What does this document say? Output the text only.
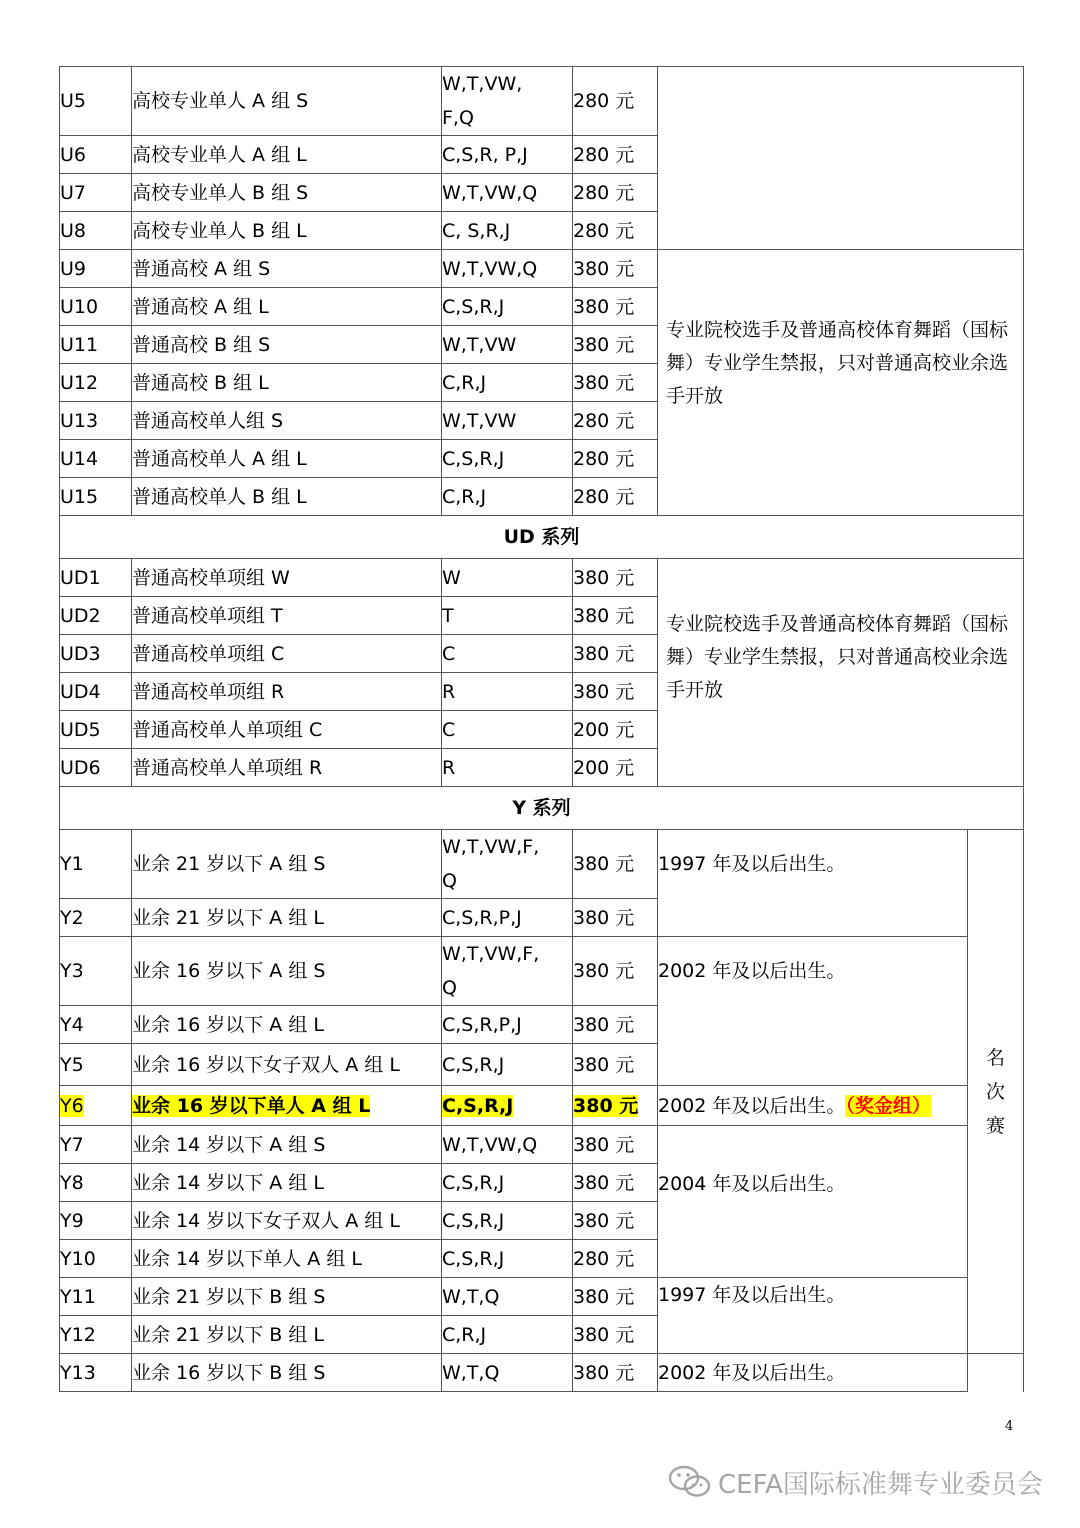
U5	高校专业单人 A 组 S	W,T,VW,
F,Q	280 元			
U6	高校专业单人 A 组 L	C,S,R, P,J	280 元			
U7	高校专业单人 B 组 S	W,T,VW,Q	280 元			
U8	高校专业单人 B 组 L	C, S,R,J	280 元			
U9	普通高校 A 组 S	W,T,VW,Q	380 元	专业院校选手及普通高校体育舞蹈（国标舞）专业学生禁报，只对普通高校业余选手开放		
U10	普通高校 A 组 L	C,S,R,J	380 元			
U11	普通高校 B 组 S	W,T,VW	380 元			
U12	普通高校 B 组 L	C,R,J	380 元			
U13	普通高校单人组 S	W,T,VW	280 元			
U14	普通高校单人 A 组 L	C,S,R,J	280 元			
U15	普通高校单人 B 组 L	C,R,J	280 元			
UD 系列						
UD1	普通高校单项组 W	W	380 元	专业院校选手及普通高校体育舞蹈（国标舞）专业学生禁报，只对普通高校业余选手开放		
UD2	普通高校单项组 T	T	380 元			
UD3	普通高校单项组 C	C	380 元			
UD4	普通高校单项组 R	R	380 元			
UD5	普通高校单人单项组 C	C	200 元			
UD6	普通高校单人单项组 R	R	200 元			
Y 系列						
Y1	业余 21 岁以下 A 组 S	W,T,VW,F,
Q	380 元	1997 年及以后出生。	名
次
赛	
Y2	业余 21 岁以下 A 组 L	C,S,R,P,J	380 元			
Y3	业余 16 岁以下 A 组 S	W,T,VW,F,
Q	380 元	2002 年及以后出生。		
Y4	业余 16 岁以下 A 组 L	C,S,R,P,J	380 元			
Y5	业余 16 岁以下女子双人 A 组 L	C,S,R,J	380 元			
Y6	业余 16 岁以下单人 A 组 L	C,S,R,J	380 元	2002 年及以后出生。（奖金组）		
Y7	业余 14 岁以下 A 组 S	W,T,VW,Q	380 元	2004 年及以后出生。		
Y8	业余 14 岁以下 A 组 L	C,S,R,J	380 元			
Y9	业余 14 岁以下女子双人 A 组 L	C,S,R,J	380 元			
Y10	业余 14 岁以下单人 A 组 L	C,S,R,J	280 元			
Y11	业余 21 岁以下 B 组 S	W,T,Q	380 元	1997 年及以后出生。	
Y12	业余 21 岁以下 B 组 L	C,R,J	380 元			
Y13	业余 16 岁以下 B 组 S	W,T,Q	380 元	2002 年及以后出生。		
4
CEFA国际标准舞专业委员会
